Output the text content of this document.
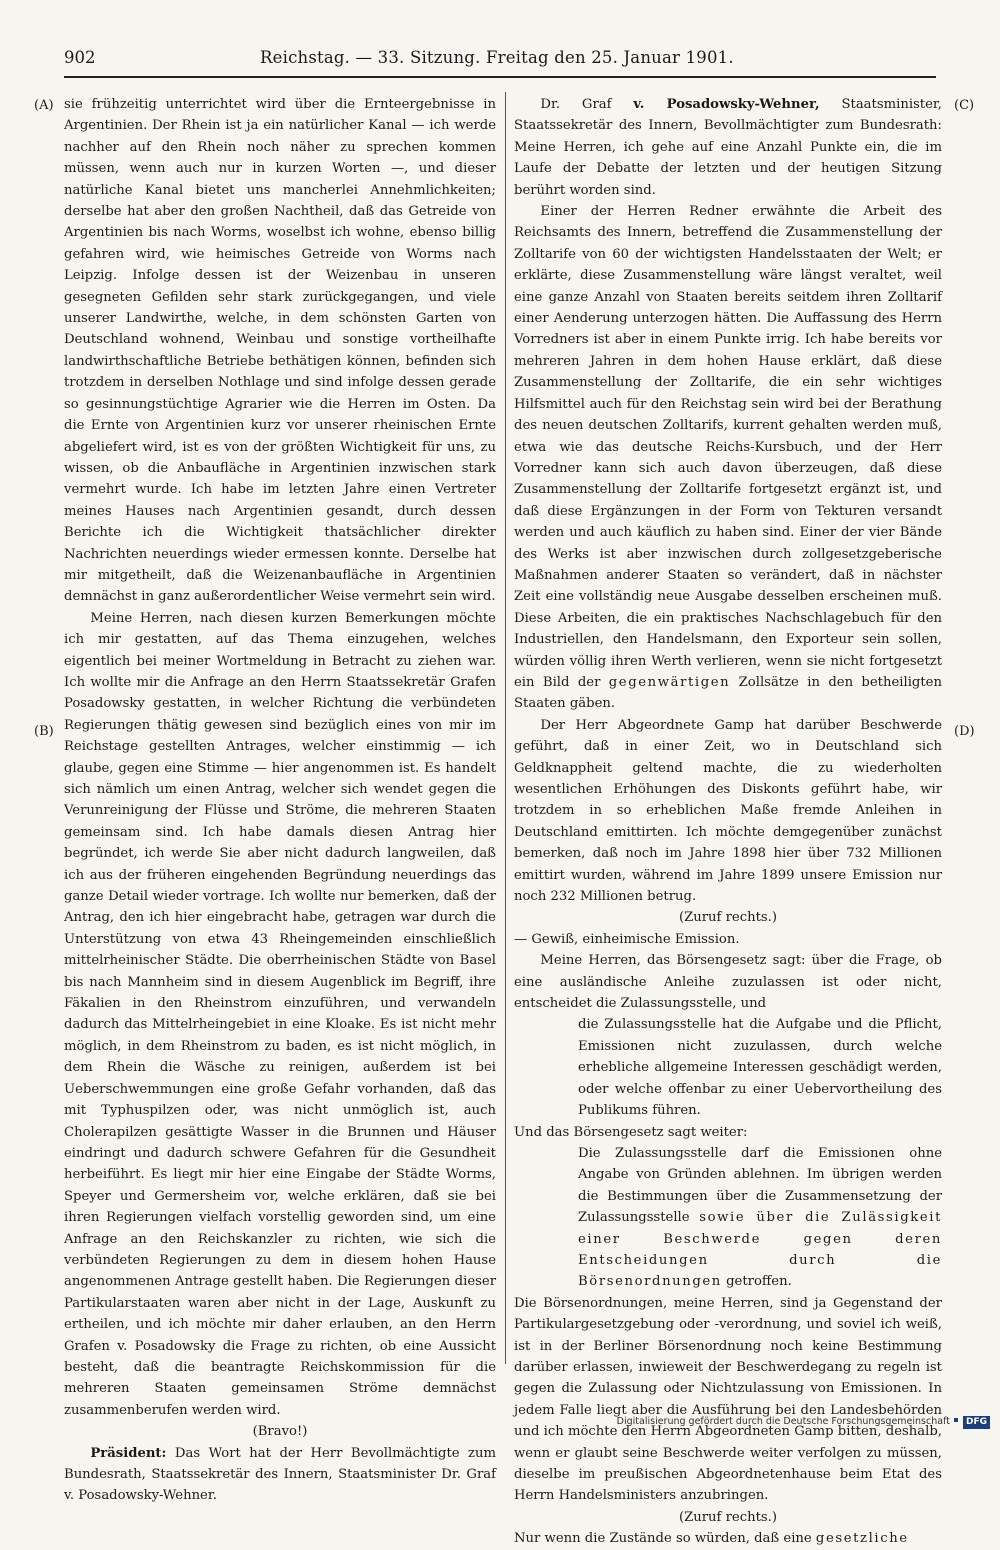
902	Reichstag. — 33. Sitzung. Freitag den 25. Januar 1901.
(A)
(B)
(C)
(D)

sie frühzeitig unterrichtet wird über die Ernteergebnisse in Argentinien. Der Rhein ist ja ein natürlicher Kanal — ich werde nachher auf den Rhein noch näher zu sprechen kommen müssen, wenn auch nur in kurzen Worten —, und dieser natürliche Kanal bietet uns mancherlei Annehmlichkeiten; derselbe hat aber den großen Nachtheil, daß das Getreide von Argentinien bis nach Worms, woselbst ich wohne, ebenso billig gefahren wird, wie heimisches Getreide von Worms nach Leipzig. Infolge dessen ist der Weizenbau in unseren gesegneten Gefilden sehr stark zurückgegangen, und viele unserer Landwirthe, welche, in dem schönsten Garten von Deutschland wohnend, Weinbau und sonstige vortheilhafte landwirthschaftliche Betriebe bethätigen können, befinden sich trotzdem in derselben Nothlage und sind infolge dessen gerade so gesinnungstüchtige Agrarier wie die Herren im Osten. Da die Ernte von Argentinien kurz vor unserer rheinischen Ernte abgeliefert wird, ist es von der größten Wichtigkeit für uns, zu wissen, ob die Anbaufläche in Argentinien inzwischen stark vermehrt wurde. Ich habe im letzten Jahre einen Vertreter meines Hauses nach Argentinien gesandt, durch dessen Berichte ich die Wichtigkeit thatsächlicher direkter Nachrichten neuerdings wieder ermessen konnte. Derselbe hat mir mitgetheilt, daß die Weizenanbaufläche in Argentinien demnächst in ganz außerordentlicher Weise vermehrt sein wird.

Meine Herren, nach diesen kurzen Bemerkungen möchte ich mir gestatten, auf das Thema einzugehen, welches eigentlich bei meiner Wortmeldung in Betracht zu ziehen war. Ich wollte mir die Anfrage an den Herrn Staatssekretär Grafen Posadowsky gestatten, in welcher Richtung die verbündeten Regierungen thätig gewesen sind bezüglich eines von mir im Reichstage gestellten Antrages, welcher einstimmig — ich glaube, gegen eine Stimme — hier angenommen ist. Es handelt sich nämlich um einen Antrag, welcher sich wendet gegen die Verunreinigung der Flüsse und Ströme, die mehreren Staaten gemeinsam sind. Ich habe damals diesen Antrag hier begründet, ich werde Sie aber nicht dadurch langweilen, daß ich aus der früheren eingehenden Begründung neuerdings das ganze Detail wieder vortrage. Ich wollte nur bemerken, daß der Antrag, den ich hier eingebracht habe, getragen war durch die Unterstützung von etwa 43 Rheingemeinden einschließlich mittelrheinischer Städte. Die oberrheinischen Städte von Basel bis nach Mannheim sind in diesem Augenblick im Begriff, ihre Fäkalien in den Rheinstrom einzuführen, und verwandeln dadurch das Mittelrheingebiet in eine Kloake. Es ist nicht mehr möglich, in dem Rheinstrom zu baden, es ist nicht möglich, in dem Rhein die Wäsche zu reinigen, außerdem ist bei Ueberschwemmungen eine große Gefahr vorhanden, daß das mit Typhuspilzen oder, was nicht unmöglich ist, auch Cholerapilzen gesättigte Wasser in die Brunnen und Häuser eindringt und dadurch schwere Gefahren für die Gesundheit herbeiführt. Es liegt mir hier eine Eingabe der Städte Worms, Speyer und Germersheim vor, welche erklären, daß sie bei ihren Regierungen vielfach vorstellig geworden sind, um eine Anfrage an den Reichskanzler zu richten, wie sich die verbündeten Regierungen zu dem in diesem hohen Hause angenommenen Antrage gestellt haben. Die Regierungen dieser Partikularstaaten waren aber nicht in der Lage, Auskunft zu ertheilen, und ich möchte mir daher erlauben, an den Herrn Grafen v. Posadowsky die Frage zu richten, ob eine Aussicht besteht, daß die beantragte Reichskommission für die mehreren Staaten gemeinsamen Ströme demnächst zusammenberufen werden wird.

(Bravo!)

Präsident: Das Wort hat der Herr Bevollmächtigte zum Bundesrath, Staatssekretär des Innern, Staatsminister Dr. Graf v. Posadowsky-Wehner.

Dr. Graf v. Posadowsky-Wehner, Staatsminister, Staatssekretär des Innern, Bevollmächtigter zum Bundesrath: Meine Herren, ich gehe auf eine Anzahl Punkte ein, die im Laufe der Debatte der letzten und der heutigen Sitzung berührt worden sind.

Einer der Herren Redner erwähnte die Arbeit des Reichsamts des Innern, betreffend die Zusammenstellung der Zolltarife von 60 der wichtigsten Handelsstaaten der Welt; er erklärte, diese Zusammenstellung wäre längst veraltet, weil eine ganze Anzahl von Staaten bereits seitdem ihren Zolltarif einer Aenderung unterzogen hätten. Die Auffassung des Herrn Vorredners ist aber in einem Punkte irrig. Ich habe bereits vor mehreren Jahren in dem hohen Hause erklärt, daß diese Zusammenstellung der Zolltarife, die ein sehr wichtiges Hilfsmittel auch für den Reichstag sein wird bei der Berathung des neuen deutschen Zolltarifs, kurrent gehalten werden muß, etwa wie das deutsche Reichs-Kursbuch, und der Herr Vorredner kann sich auch davon überzeugen, daß diese Zusammenstellung der Zolltarife fortgesetzt ergänzt ist, und daß diese Ergänzungen in der Form von Tekturen versandt werden und auch käuflich zu haben sind. Einer der vier Bände des Werks ist aber inzwischen durch zollgesetzgeberische Maßnahmen anderer Staaten so verändert, daß in nächster Zeit eine vollständig neue Ausgabe desselben erscheinen muß. Diese Arbeiten, die ein praktisches Nachschlagebuch für den Industriellen, den Handelsmann, den Exporteur sein sollen, würden völlig ihren Werth verlieren, wenn sie nicht fortgesetzt ein Bild der gegenwärtigen Zollsätze in den betheiligten Staaten gäben.

Der Herr Abgeordnete Gamp hat darüber Beschwerde geführt, daß in einer Zeit, wo in Deutschland sich Geldknappheit geltend machte, die zu wiederholten wesentlichen Erhöhungen des Diskonts geführt habe, wir trotzdem in so erheblichen Maße fremde Anleihen in Deutschland emittirten. Ich möchte demgegenüber zunächst bemerken, daß noch im Jahre 1898 hier über 732 Millionen emittirt wurden, während im Jahre 1899 unsere Emission nur noch 232 Millionen betrug.

(Zuruf rechts.)

— Gewiß, einheimische Emission.

Meine Herren, das Börsengesetz sagt: über die Frage, ob eine ausländische Anleihe zuzulassen ist oder nicht, entscheidet die Zulassungsstelle, und

die Zulassungsstelle hat die Aufgabe und die Pflicht, Emissionen nicht zuzulassen, durch welche erhebliche allgemeine Interessen geschädigt werden, oder welche offenbar zu einer Uebervortheilung des Publikums führen.

Und das Börsengesetz sagt weiter:

Die Zulassungsstelle darf die Emissionen ohne Angabe von Gründen ablehnen. Im übrigen werden die Bestimmungen über die Zusammensetzung der Zulassungsstelle sowie über die Zulässigkeit einer Beschwerde gegen deren Entscheidungen durch die Börsenordnungen getroffen.

Die Börsenordnungen, meine Herren, sind ja Gegenstand der Partikulargesetzgebung oder -verordnung, und soviel ich weiß, ist in der Berliner Börsenordnung noch keine Bestimmung darüber erlassen, inwieweit der Beschwerdegang zu regeln ist gegen die Zulassung oder Nichtzulassung von Emissionen. In jedem Falle liegt aber die Ausführung bei den Landesbehörden und ich möchte den Herrn Abgeordneten Gamp bitten, deshalb, wenn er glaubt seine Beschwerde weiter verfolgen zu müssen, dieselbe im preußischen Abgeordnetenhause beim Etat des Herrn Handelsministers anzubringen.

(Zuruf rechts.)

Nur wenn die Zustände so würden, daß eine gesetzliche

Digitalisierung gefördert durch die Deutsche Forschungsgemeinschaft DFG
